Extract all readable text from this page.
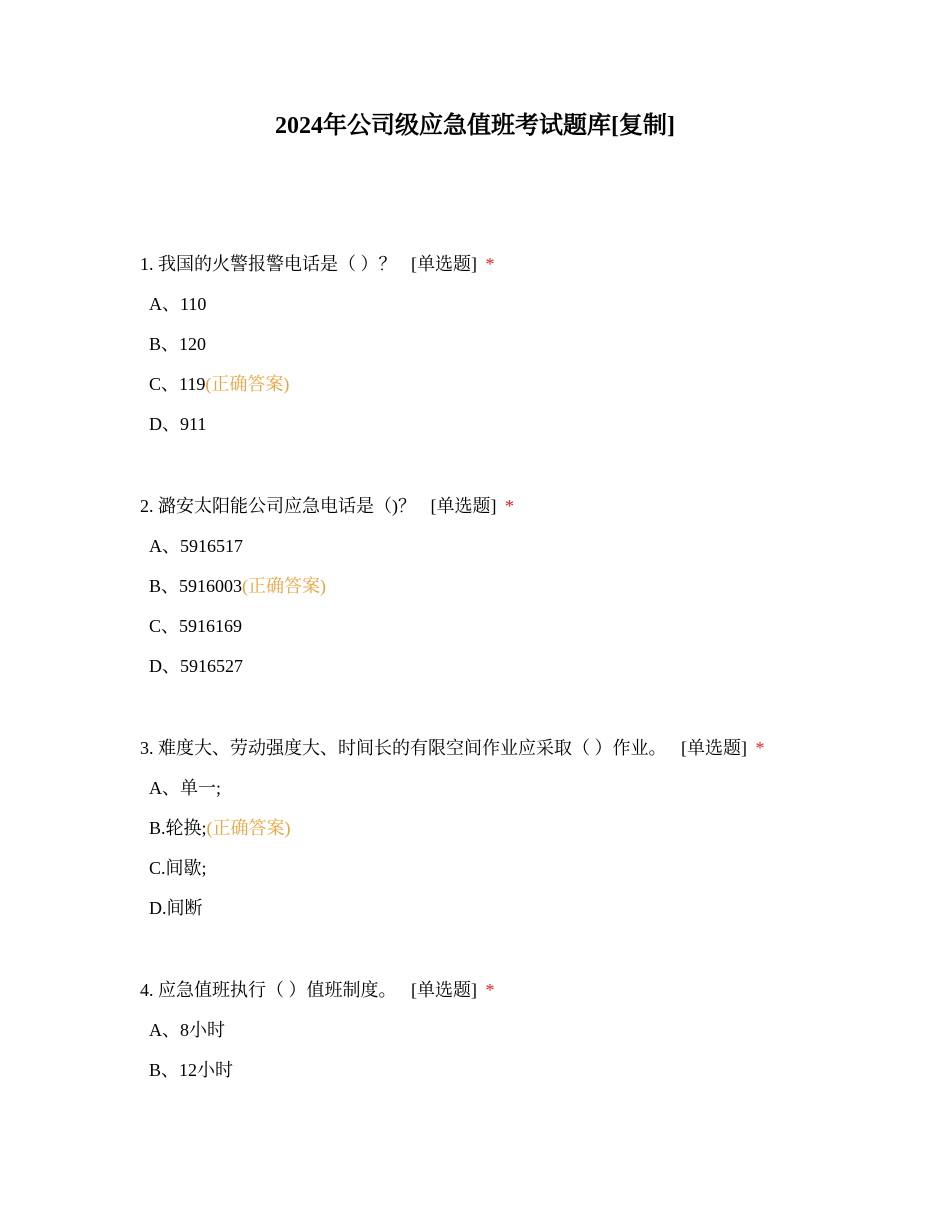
2024年公司级应急值班考试题库[复制]
1. 我国的火警报警电话是（ ）？ [单选题] *
A、110
B、120
C、119(正确答案)
D、911
2. 潞安太阳能公司应急电话是（)？ [单选题] *
A、5916517
B、5916003(正确答案)
C、5916169
D、5916527
3. 难度大、劳动强度大、时间长的有限空间作业应采取（ ）作业。 [单选题] *
A、单一;
B.轮换;(正确答案)
C.间歇;
D.间断
4. 应急值班执行（ ）值班制度。 [单选题] *
A、8小时
B、12小时
